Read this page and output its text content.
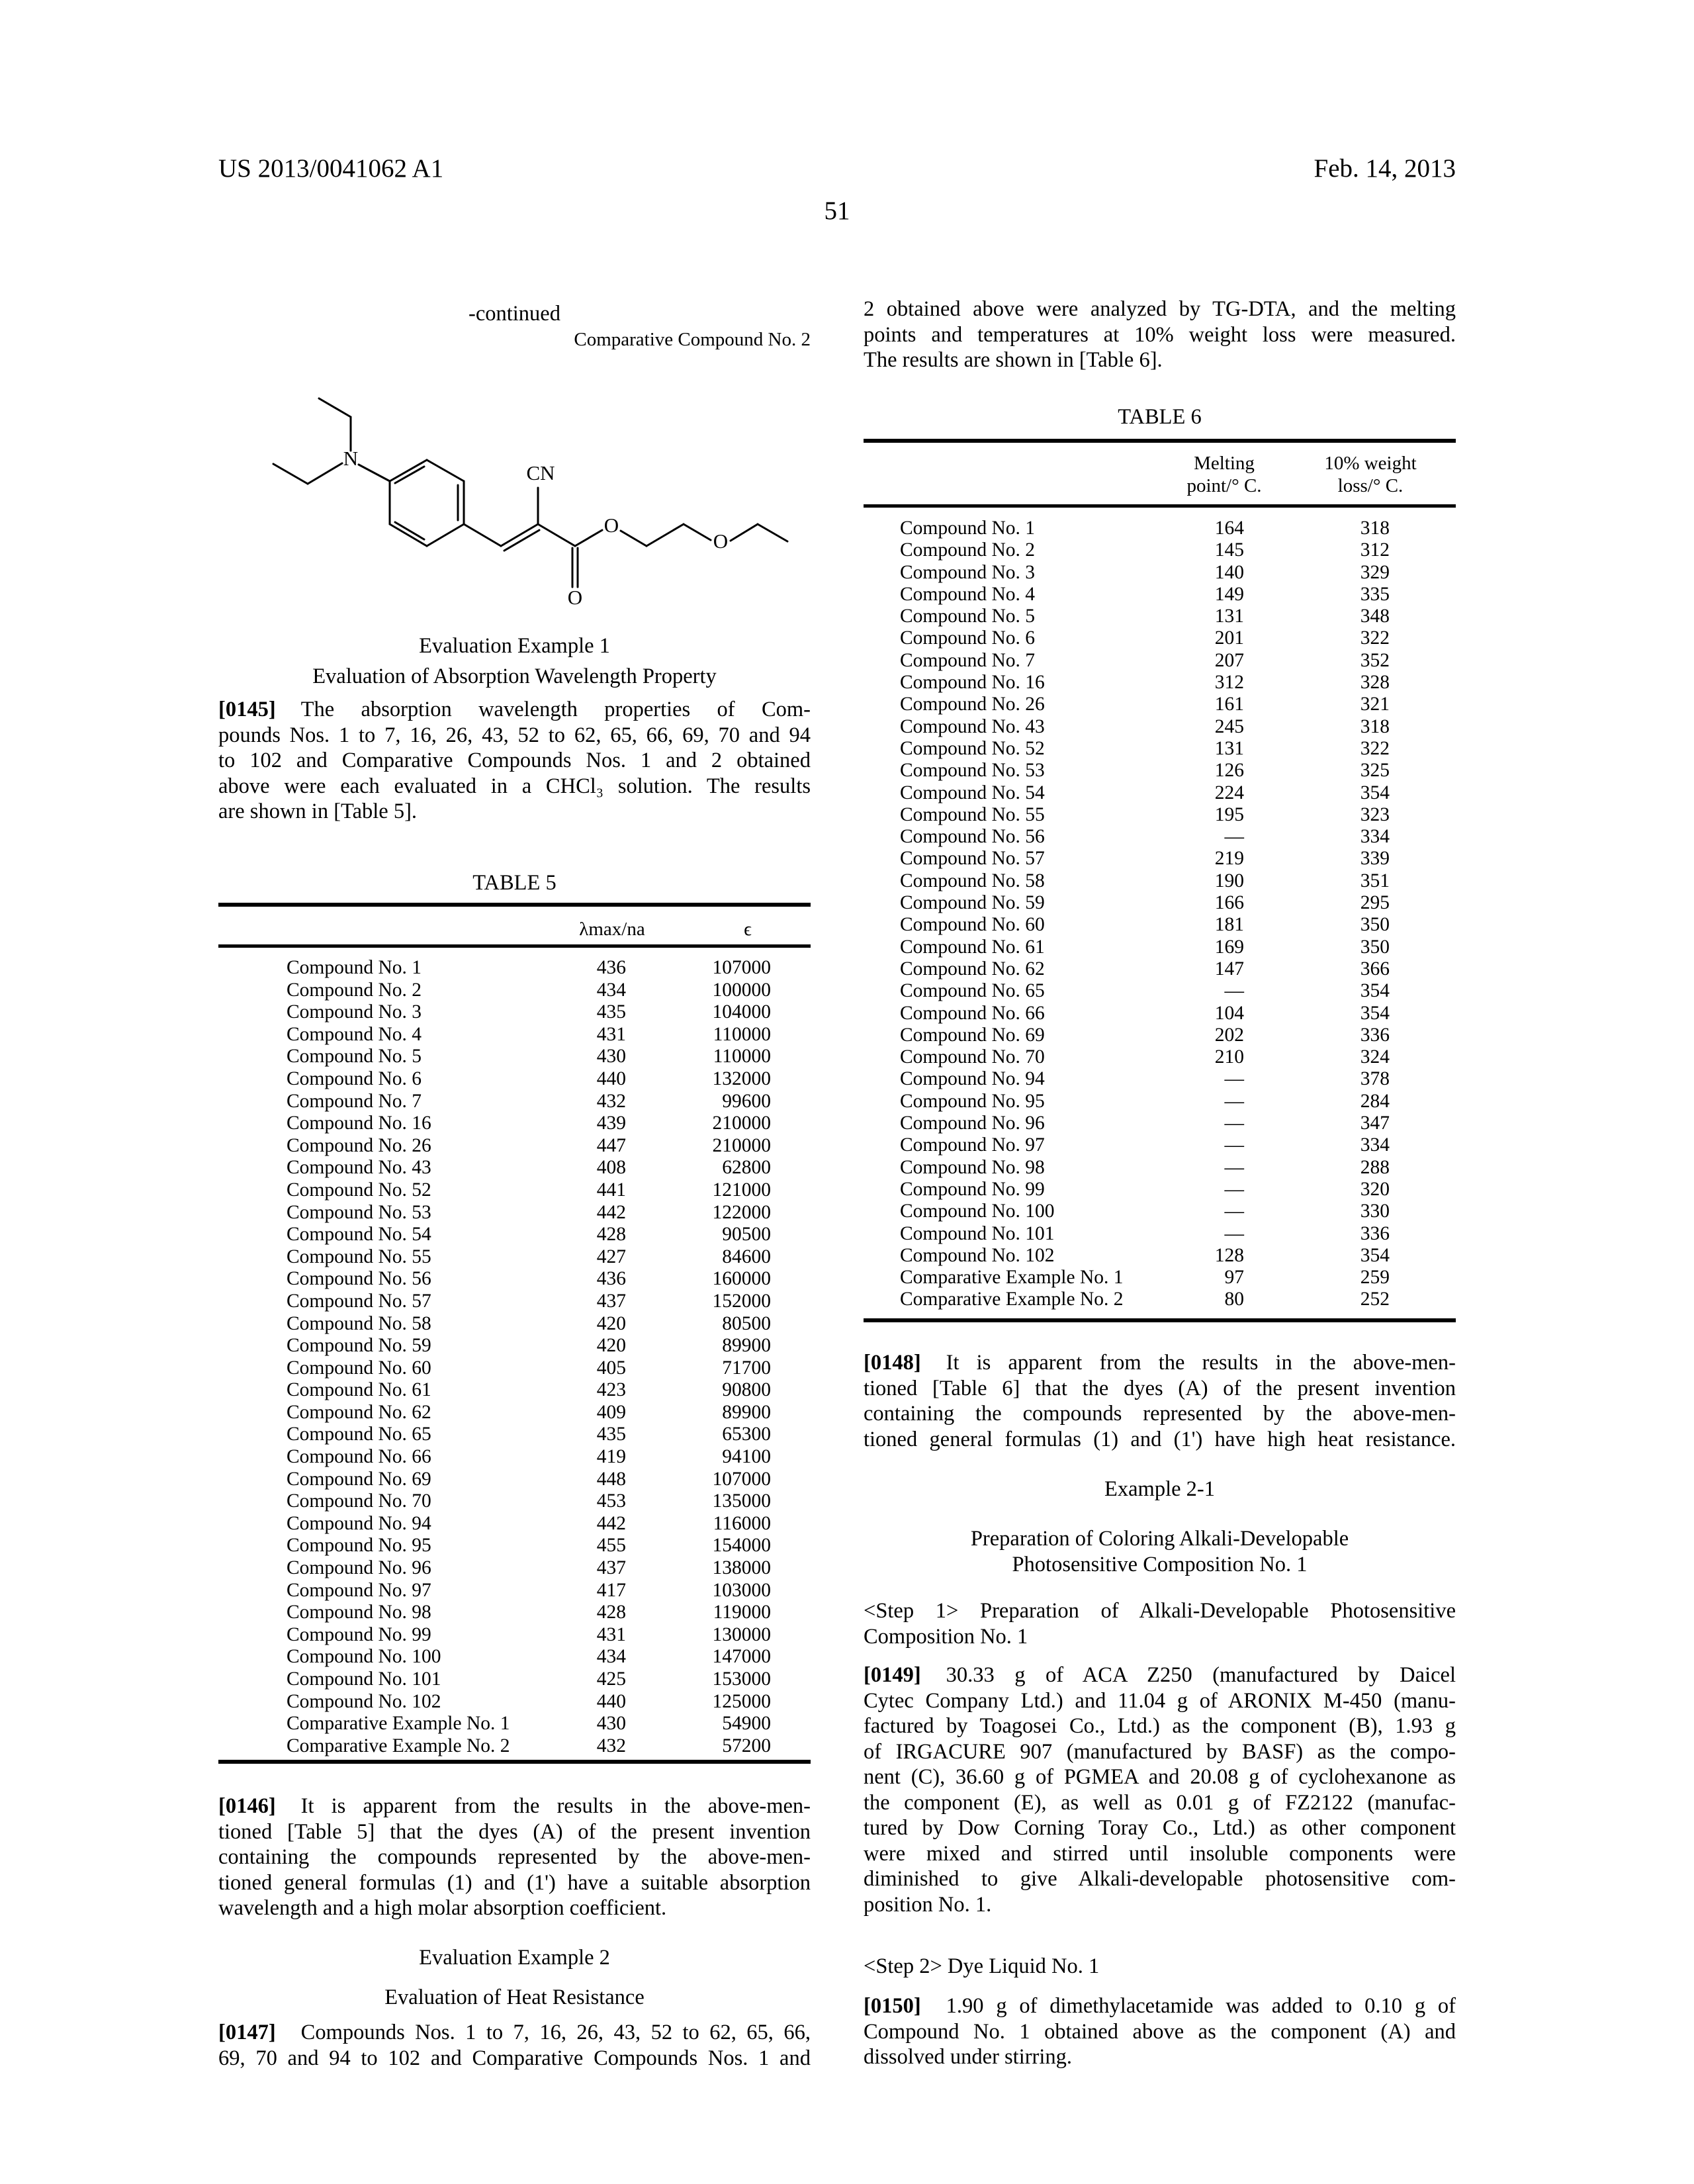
US 2013/0041062 A1	Feb. 14, 2013
51
-continued
Comparative Compound No. 2
N
CN
O
O
O
Evaluation Example 1
Evaluation of Absorption Wavelength Property
[0145] The absorption wavelength properties of Com-
pounds Nos. 1 to 7, 16, 26, 43, 52 to 62, 65, 66, 69, 70 and 94
to 102 and Comparative Compounds Nos. 1 and 2 obtained
above were each evaluated in a CHCl₃ solution. The results
are shown in [Table 5].
TABLE 5
λmax/na	ϵ
Compound No. 1	436	107000
Compound No. 2	434	100000
Compound No. 3	435	104000
Compound No. 4	431	110000
Compound No. 5	430	110000
Compound No. 6	440	132000
Compound No. 7	432	99600
Compound No. 16	439	210000
Compound No. 26	447	210000
Compound No. 43	408	62800
Compound No. 52	441	121000
Compound No. 53	442	122000
Compound No. 54	428	90500
Compound No. 55	427	84600
Compound No. 56	436	160000
Compound No. 57	437	152000
Compound No. 58	420	80500
Compound No. 59	420	89900
Compound No. 60	405	71700
Compound No. 61	423	90800
Compound No. 62	409	89900
Compound No. 65	435	65300
Compound No. 66	419	94100
Compound No. 69	448	107000
Compound No. 70	453	135000
Compound No. 94	442	116000
Compound No. 95	455	154000
Compound No. 96	437	138000
Compound No. 97	417	103000
Compound No. 98	428	119000
Compound No. 99	431	130000
Compound No. 100	434	147000
Compound No. 101	425	153000
Compound No. 102	440	125000
Comparative Example No. 1	430	54900
Comparative Example No. 2	432	57200
[0146] It is apparent from the results in the above-men-
tioned [Table 5] that the dyes (A) of the present invention
containing the compounds represented by the above-men-
tioned general formulas (1) and (1') have a suitable absorption
wavelength and a high molar absorption coefficient.
Evaluation Example 2
Evaluation of Heat Resistance
[0147] Compounds Nos. 1 to 7, 16, 26, 43, 52 to 62, 65, 66,
69, 70 and 94 to 102 and Comparative Compounds Nos. 1 and
2 obtained above were analyzed by TG-DTA, and the melting
points and temperatures at 10% weight loss were measured.
The results are shown in [Table 6].
TABLE 6
Melting
point/° C.
10% weight
loss/° C.
Compound No. 1	164	318
Compound No. 2	145	312
Compound No. 3	140	329
Compound No. 4	149	335
Compound No. 5	131	348
Compound No. 6	201	322
Compound No. 7	207	352
Compound No. 16	312	328
Compound No. 26	161	321
Compound No. 43	245	318
Compound No. 52	131	322
Compound No. 53	126	325
Compound No. 54	224	354
Compound No. 55	195	323
Compound No. 56	—	334
Compound No. 57	219	339
Compound No. 58	190	351
Compound No. 59	166	295
Compound No. 60	181	350
Compound No. 61	169	350
Compound No. 62	147	366
Compound No. 65	—	354
Compound No. 66	104	354
Compound No. 69	202	336
Compound No. 70	210	324
Compound No. 94	—	378
Compound No. 95	—	284
Compound No. 96	—	347
Compound No. 97	—	334
Compound No. 98	—	288
Compound No. 99	—	320
Compound No. 100	—	330
Compound No. 101	—	336
Compound No. 102	128	354
Comparative Example No. 1	97	259
Comparative Example No. 2	80	252
[0148] It is apparent from the results in the above-men-
tioned [Table 6] that the dyes (A) of the present invention
containing the compounds represented by the above-men-
tioned general formulas (1) and (1') have high heat resistance.
Example 2-1
Preparation of Coloring Alkali-Developable
Photosensitive Composition No. 1
<Step 1> Preparation of Alkali-Developable Photosensitive
Composition No. 1
[0149] 30.33 g of ACA Z250 (manufactured by Daicel
Cytec Company Ltd.) and 11.04 g of ARONIX M-450 (manu-
factured by Toagosei Co., Ltd.) as the component (B), 1.93 g
of IRGACURE 907 (manufactured by BASF) as the compo-
nent (C), 36.60 g of PGMEA and 20.08 g of cyclohexanone as
the component (E), as well as 0.01 g of FZ2122 (manufac-
tured by Dow Corning Toray Co., Ltd.) as other component
were mixed and stirred until insoluble components were
diminished to give Alkali-developable photosensitive com-
position No. 1.
<Step 2> Dye Liquid No. 1
[0150] 1.90 g of dimethylacetamide was added to 0.10 g of
Compound No. 1 obtained above as the component (A) and
dissolved under stirring.
